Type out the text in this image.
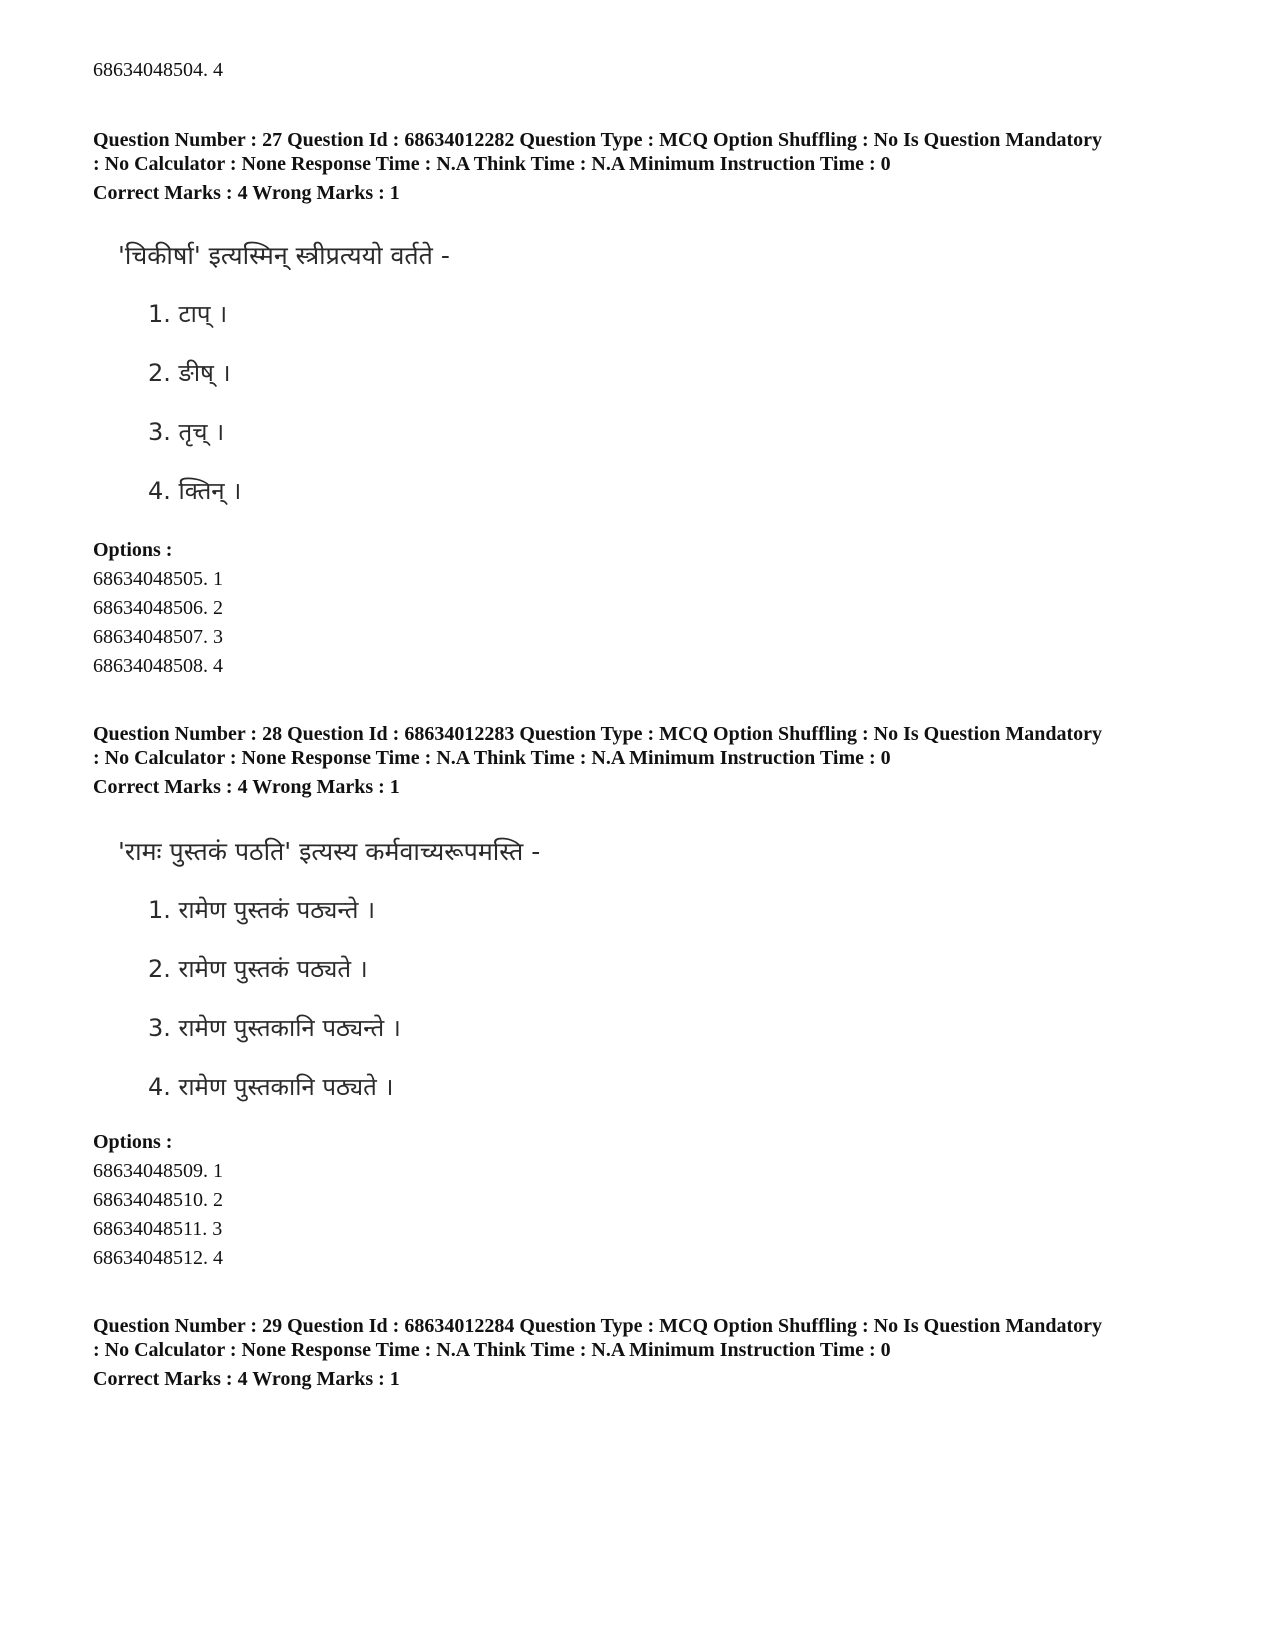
68634048504. 4
Question Number : 27 Question Id : 68634012282 Question Type : MCQ Option Shuffling : No Is Question Mandatory
: No Calculator : None Response Time : N.A Think Time : N.A Minimum Instruction Time : 0
Correct Marks : 4 Wrong Marks : 1
'चिकीर्षा' इत्यस्मिन् स्त्रीप्रत्ययो वर्तते -
1. टाप् ।
2. ङीष् ।
3. तृच् ।
4. क्तिन् ।
Options :
68634048505. 1
68634048506. 2
68634048507. 3
68634048508. 4
Question Number : 28 Question Id : 68634012283 Question Type : MCQ Option Shuffling : No Is Question Mandatory
: No Calculator : None Response Time : N.A Think Time : N.A Minimum Instruction Time : 0
Correct Marks : 4 Wrong Marks : 1
'रामः पुस्तकं पठति' इत्यस्य कर्मवाच्यरूपमस्ति -
1. रामेण पुस्तकं पठ्यन्ते ।
2. रामेण पुस्तकं पठ्यते ।
3. रामेण पुस्तकानि पठ्यन्ते ।
4. रामेण पुस्तकानि पठ्यते ।
Options :
68634048509. 1
68634048510. 2
68634048511. 3
68634048512. 4
Question Number : 29 Question Id : 68634012284 Question Type : MCQ Option Shuffling : No Is Question Mandatory
: No Calculator : None Response Time : N.A Think Time : N.A Minimum Instruction Time : 0
Correct Marks : 4 Wrong Marks : 1
